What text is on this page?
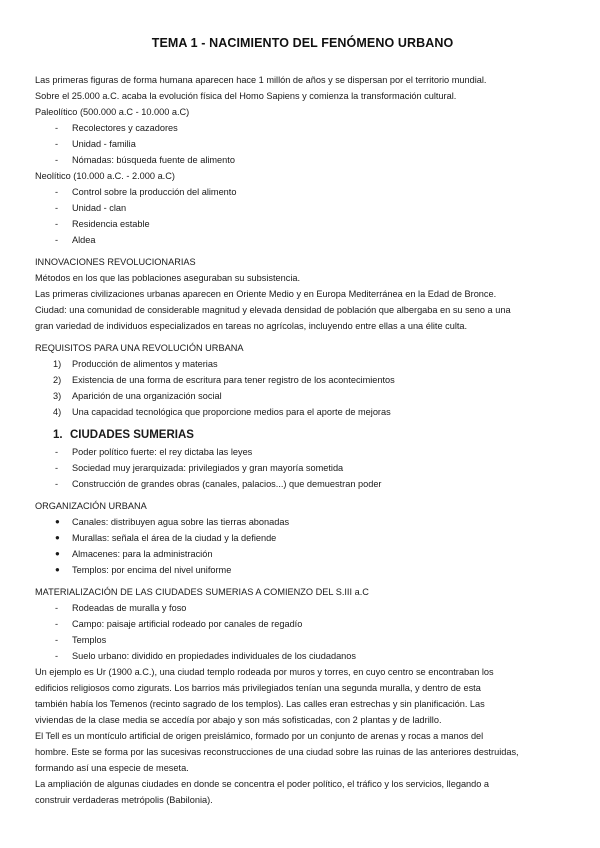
TEMA 1 - NACIMIENTO DEL FENÓMENO URBANO

Las primeras figuras de forma humana aparecen hace 1 millón de años y se dispersan por el territorio mundial.

Sobre el 25.000 a.C. acaba la evolución física del Homo Sapiens y comienza la transformación cultural.

Paleolítico (500.000 a.C - 10.000 a.C)

-	Recolectores y cazadores
-	Unidad - familia
-	Nómadas: búsqueda fuente de alimento

Neolítico (10.000 a.C. - 2.000 a.C)

-	Control sobre la producción del alimento
-	Unidad - clan
-	Residencia estable
-	Aldea

INNOVACIONES REVOLUCIONARIAS

Métodos en los que las poblaciones aseguraban su subsistencia.

Las primeras civilizaciones urbanas aparecen en Oriente Medio y en Europa Mediterránea en la Edad de Bronce.

Ciudad: una comunidad de considerable magnitud y elevada densidad de población que albergaba en su seno a una

gran variedad de individuos especializados en tareas no agrícolas, incluyendo entre ellas a una élite culta.

REQUISITOS PARA UNA REVOLUCIÓN URBANA

1)	Producción de alimentos y materias
2)	Existencia de una forma de escritura para tener registro de los acontecimientos
3)	Aparición de una organización social
4)	Una capacidad tecnológica que proporcione medios para el aporte de mejoras
1. CIUDADES SUMERIAS
-	Poder político fuerte: el rey dictaba las leyes
-	Sociedad muy jerarquizada: privilegiados y gran mayoría sometida
-	Construcción de grandes obras (canales, palacios...) que demuestran poder

ORGANIZACIÓN URBANA

●	Canales: distribuyen agua sobre las tierras abonadas
●	Murallas: señala el área de la ciudad y la defiende
●	Almacenes: para la administración
●	Templos: por encima del nivel uniforme

MATERIALIZACIÓN DE LAS CIUDADES SUMERIAS A COMIENZO DEL S.III a.C

-	Rodeadas de muralla y foso
-	Campo: paisaje artificial rodeado por canales de regadío
-	Templos
-	Suelo urbano: dividido en propiedades individuales de los ciudadanos

Un ejemplo es Ur (1900 a.C.), una ciudad templo rodeada por muros y torres, en cuyo centro se encontraban los

edificios religiosos como zigurats. Los barrios más privilegiados tenían una segunda muralla, y dentro de esta

también había los Temenos (recinto sagrado de los templos). Las calles eran estrechas y sin planificación. Las

viviendas de la clase media se accedía por abajo y son más sofisticadas, con 2 plantas y de ladrillo.

El Tell es un montículo artificial de origen preislámico, formado por un conjunto de arenas y rocas a manos del

hombre. Este se forma por las sucesivas reconstrucciones de una ciudad sobre las ruinas de las anteriores destruidas,

formando así una especie de meseta.

La ampliación de algunas ciudades en donde se concentra el poder político, el tráfico y los servicios, llegando a

construir verdaderas metrópolis (Babilonia).
